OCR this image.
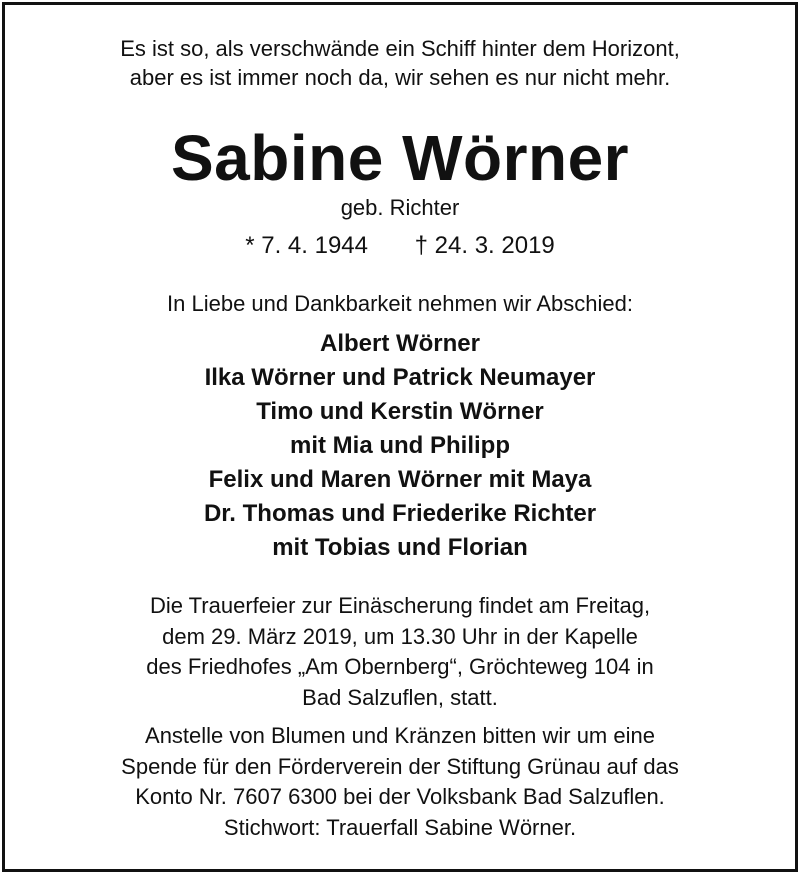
Es ist so, als verschwände ein Schiff hinter dem Horizont,
aber es ist immer noch da, wir sehen es nur nicht mehr.
Sabine Wörner
geb. Richter
* 7. 4. 1944 † 24. 3. 2019
In Liebe und Dankbarkeit nehmen wir Abschied:
Albert Wörner
Ilka Wörner und Patrick Neumayer
Timo und Kerstin Wörner
mit Mia und Philipp
Felix und Maren Wörner mit Maya
Dr. Thomas und Friederike Richter
mit Tobias und Florian
Die Trauerfeier zur Einäscherung findet am Freitag,
dem 29. März 2019, um 13.30 Uhr in der Kapelle
des Friedhofes „Am Obernberg“, Gröchteweg 104 in
Bad Salzuflen, statt.
Anstelle von Blumen und Kränzen bitten wir um eine
Spende für den Förderverein der Stiftung Grünau auf das
Konto Nr. 7607 6300 bei der Volksbank Bad Salzuflen.
Stichwort: Trauerfall Sabine Wörner.
